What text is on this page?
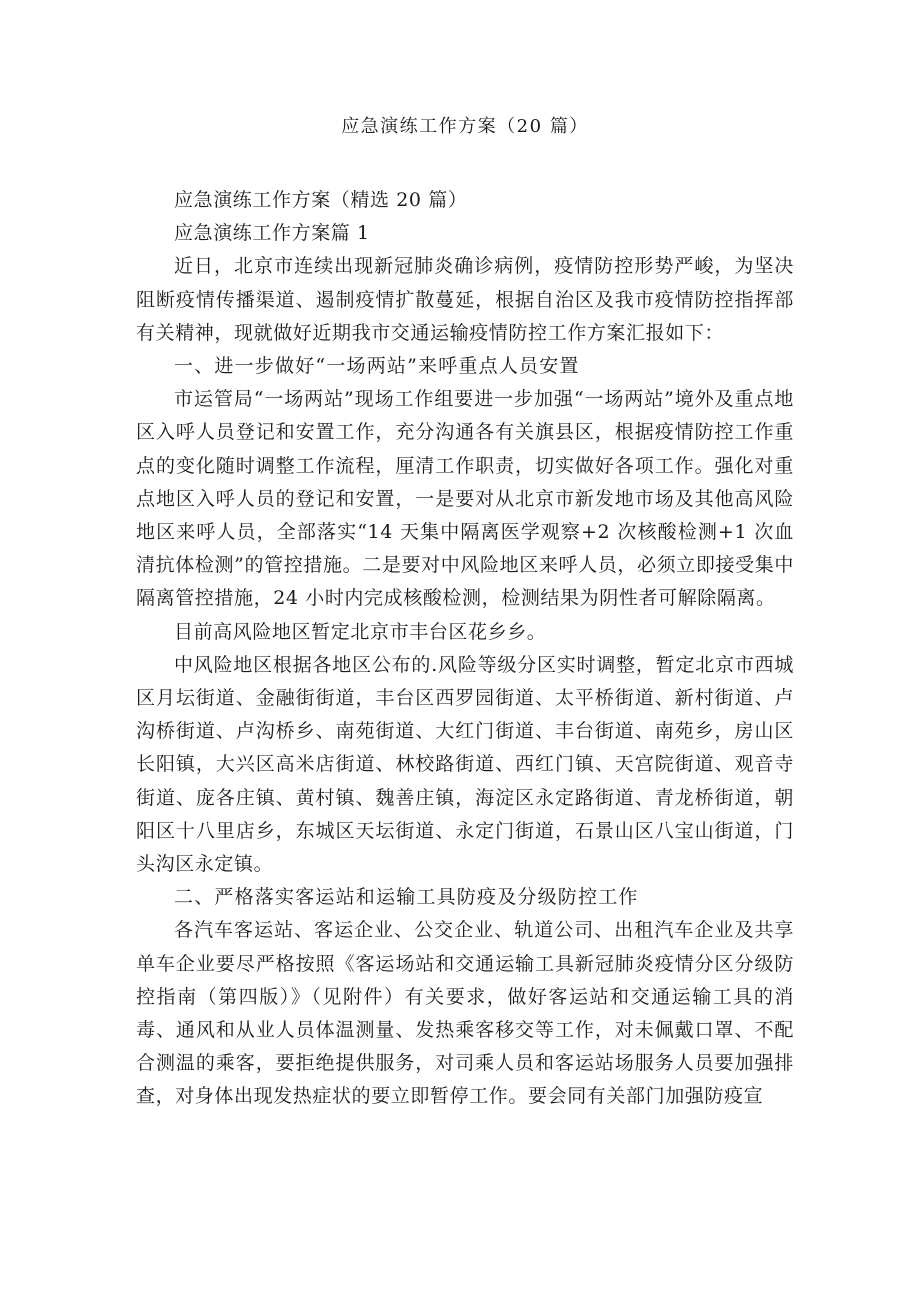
应急演练工作方案（20 篇）

应急演练工作方案（精选 20 篇）

应急演练工作方案篇 1

近日，北京市连续出现新冠肺炎确诊病例，疫情防控形势严峻，为坚决阻断疫情传播渠道、遏制疫情扩散蔓延，根据自治区及我市疫情防控指挥部有关精神，现就做好近期我市交通运输疫情防控工作方案汇报如下：

一、进一步做好“一场两站”来呼重点人员安置

市运管局“一场两站”现场工作组要进一步加强“一场两站”境外及重点地区入呼人员登记和安置工作，充分沟通各有关旗县区，根据疫情防控工作重点的变化随时调整工作流程，厘清工作职责，切实做好各项工作。强化对重点地区入呼人员的登记和安置，一是要对从北京市新发地市场及其他高风险地区来呼人员，全部落实“14 天集中隔离医学观察+2 次核酸检测+1 次血清抗体检测”的管控措施。二是要对中风险地区来呼人员，必须立即接受集中隔离管控措施，24 小时内完成核酸检测，检测结果为阴性者可解除隔离。

目前高风险地区暂定北京市丰台区花乡乡。

中风险地区根据各地区公布的.风险等级分区实时调整，暂定北京市西城区月坛街道、金融街街道，丰台区西罗园街道、太平桥街道、新村街道、卢沟桥街道、卢沟桥乡、南苑街道、大红门街道、丰台街道、南苑乡，房山区长阳镇，大兴区高米店街道、林校路街道、西红门镇、天宫院街道、观音寺街道、庞各庄镇、黄村镇、魏善庄镇，海淀区永定路街道、青龙桥街道，朝阳区十八里店乡，东城区天坛街道、永定门街道，石景山区八宝山街道，门头沟区永定镇。

二、严格落实客运站和运输工具防疫及分级防控工作

各汽车客运站、客运企业、公交企业、轨道公司、出租汽车企业及共享单车企业要尽严格按照《客运场站和交通运输工具新冠肺炎疫情分区分级防控指南（第四版）》（见附件）有关要求，做好客运站和交通运输工具的消毒、通风和从业人员体温测量、发热乘客移交等工作，对未佩戴口罩、不配合测温的乘客，要拒绝提供服务，对司乘人员和客运站场服务人员要加强排查，对身体出现发热症状的要立即暂停工作。要会同有关部门加强防疫宣
